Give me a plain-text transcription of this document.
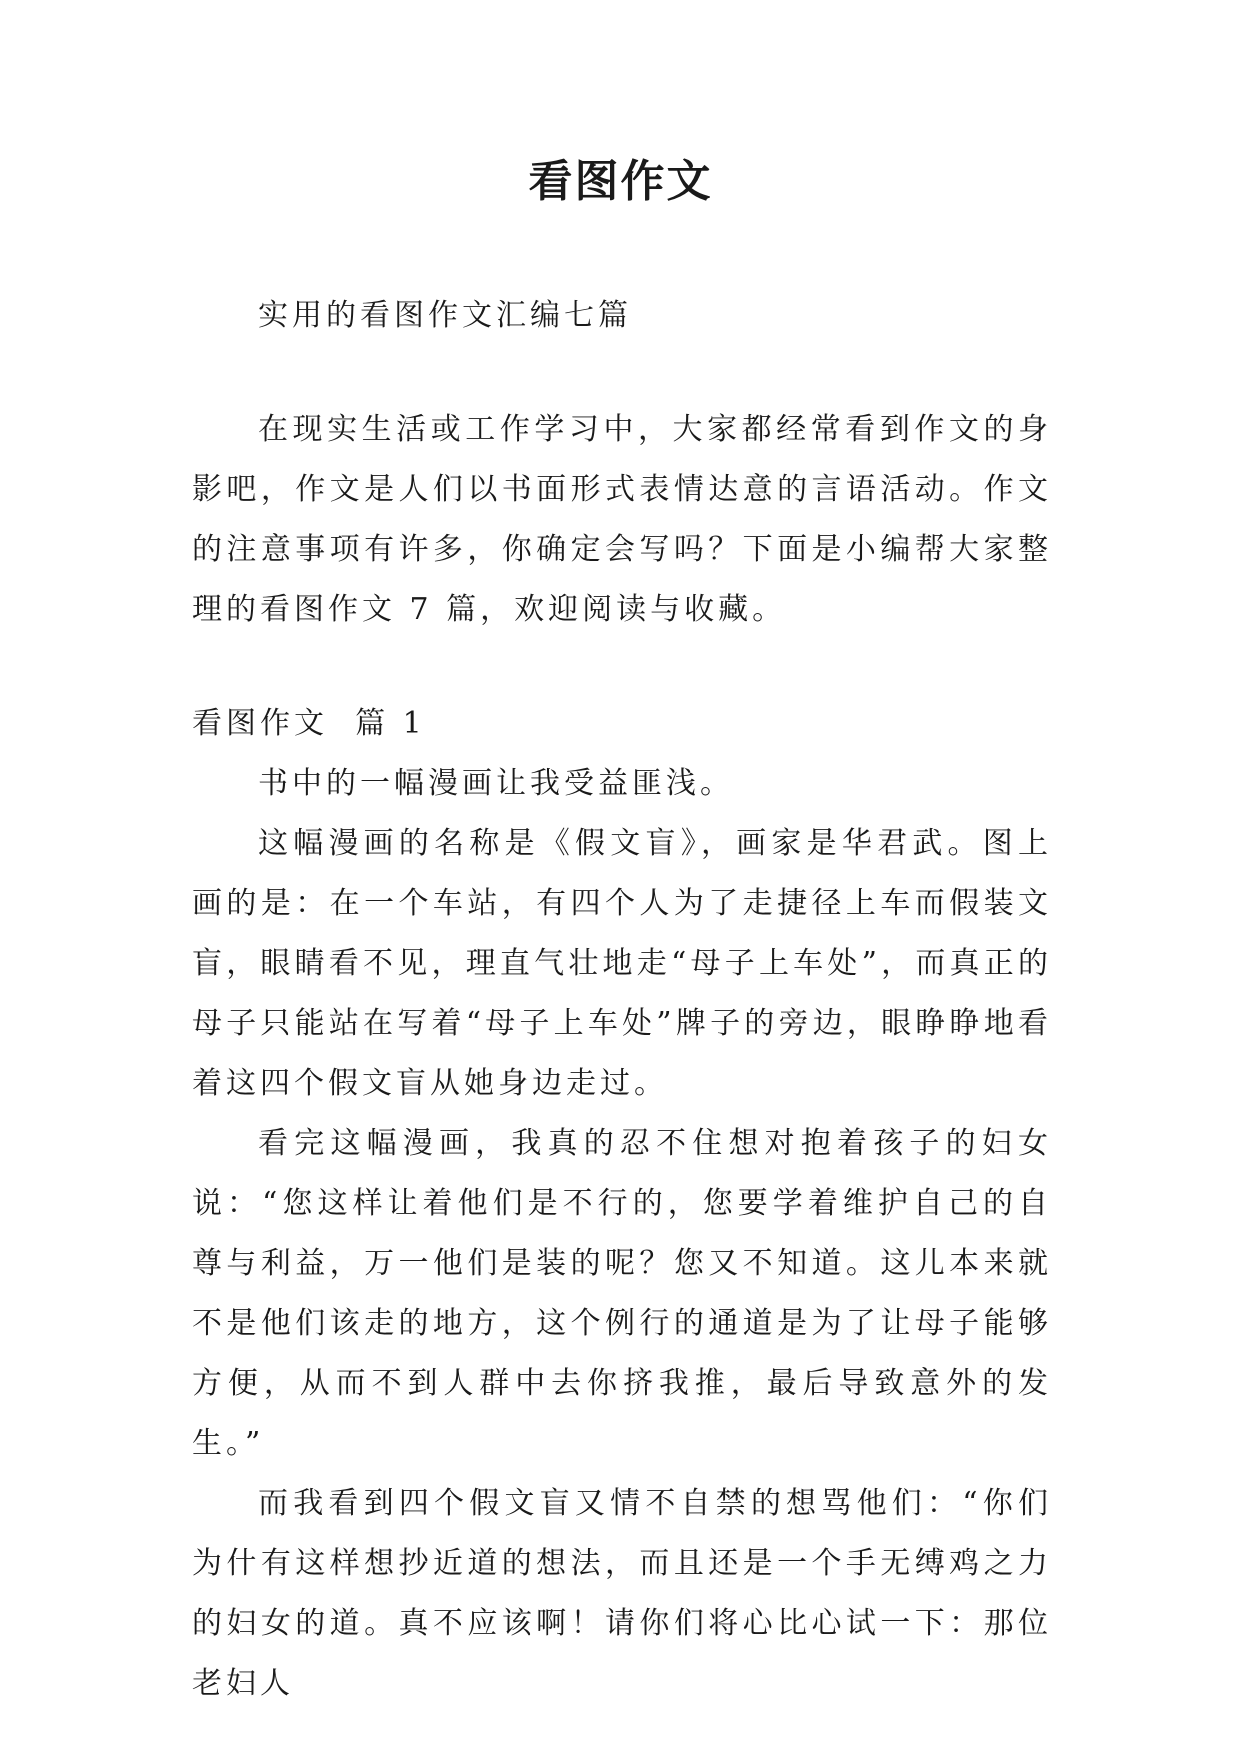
看图作文

实用的看图作文汇编七篇

在现实生活或工作学习中，大家都经常看到作文的身影吧，作文是人们以书面形式表情达意的言语活动。作文的注意事项有许多，你确定会写吗？下面是小编帮大家整理的看图作文 7 篇，欢迎阅读与收藏。

看图作文  篇 1

书中的一幅漫画让我受益匪浅。

这幅漫画的名称是《假文盲》，画家是华君武。图上画的是：在一个车站，有四个人为了走捷径上车而假装文盲，眼睛看不见，理直气壮地走“母子上车处”，而真正的母子只能站在写着“母子上车处”牌子的旁边，眼睁睁地看着这四个假文盲从她身边走过。

看完这幅漫画，我真的忍不住想对抱着孩子的妇女说：“您这样让着他们是不行的，您要学着维护自己的自尊与利益，万一他们是装的呢？您又不知道。这儿本来就不是他们该走的地方，这个例行的通道是为了让母子能够方便，从而不到人群中去你挤我推，最后导致意外的发生。”

而我看到四个假文盲又情不自禁的想骂他们：“你们为什有这样想抄近道的想法，而且还是一个手无缚鸡之力的妇女的道。真不应该啊！请你们将心比心试一下：那位老妇人
